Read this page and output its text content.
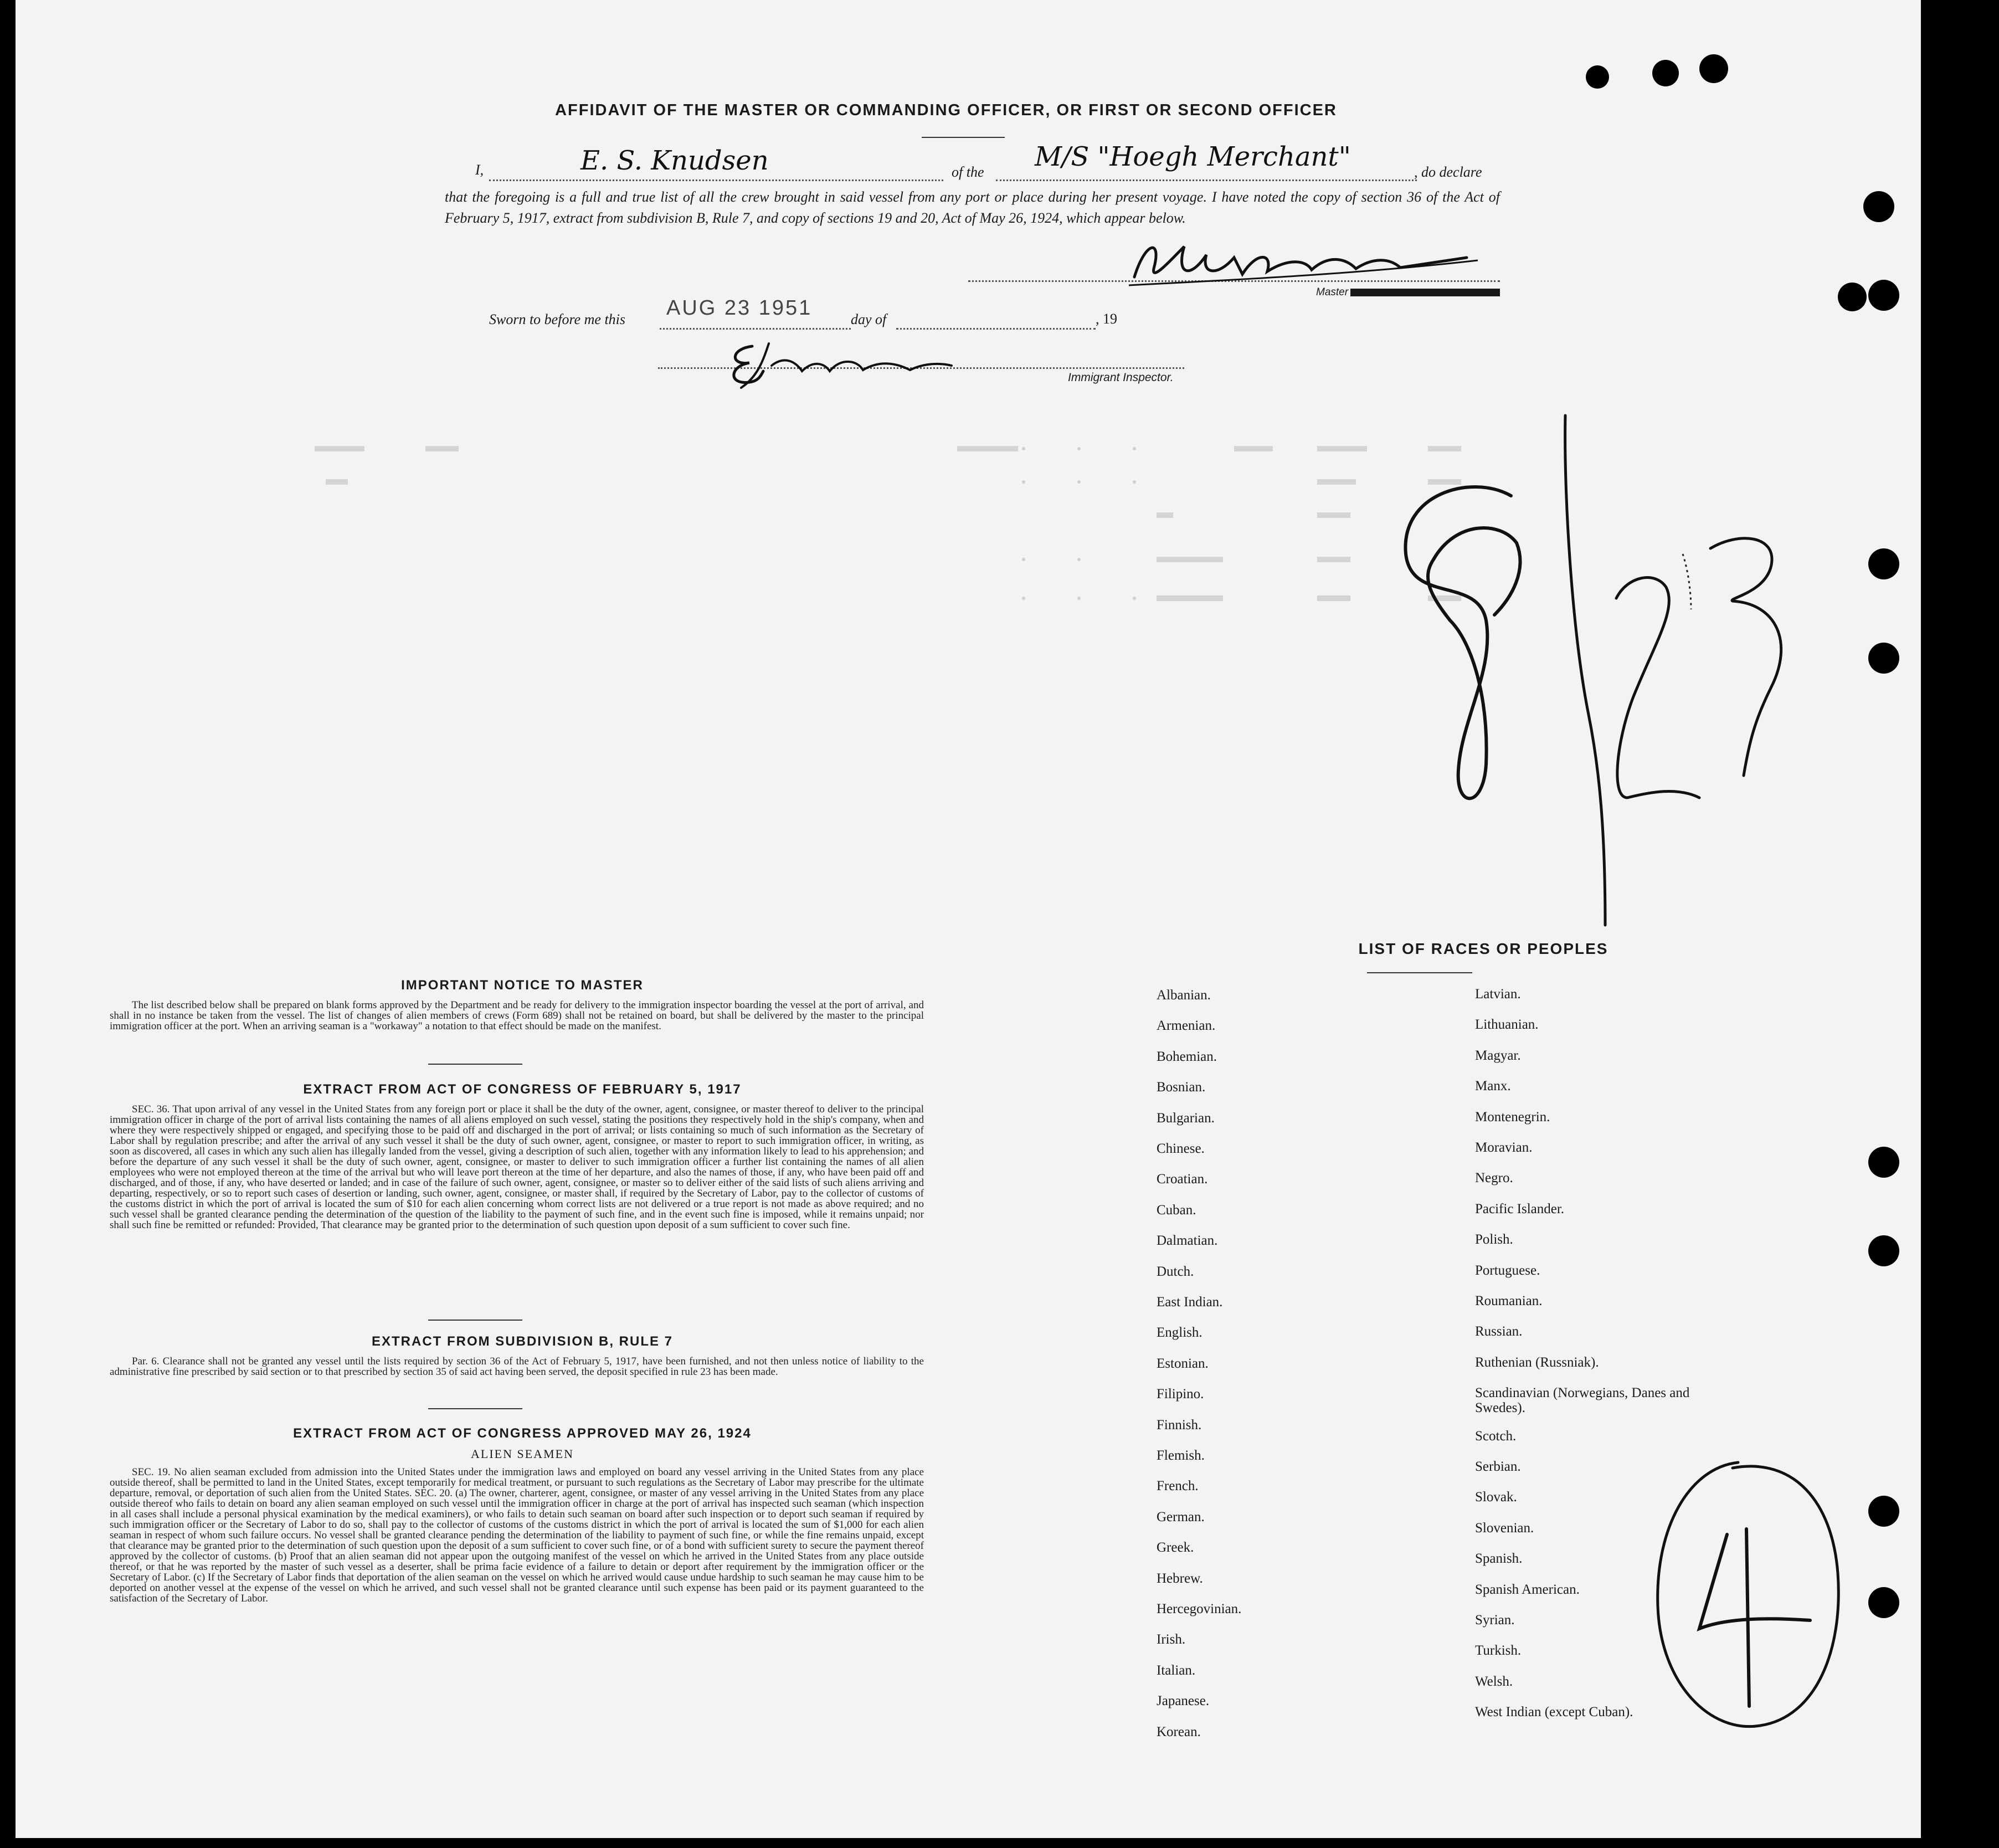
AFFIDAVIT OF THE MASTER OR COMMANDING OFFICER, OR FIRST OR SECOND OFFICER
I,	E. S. Knudsen	of the M/S "Hoegh Merchant"	, do declare
that the foregoing is a full and true list of all the crew brought in said vessel from any port or place during her present voyage. I have noted the copy of section 36 of the Act of February 5, 1917, extract from subdivision B, Rule 7, and copy of sections 19 and 20, Act of May 26, 1924, which appear below.
Master
Sworn to before me this AUG 23 1951	day of	, 19
Immigrant Inspector.
IMPORTANT NOTICE TO MASTER
The list described below shall be prepared on blank forms approved by the Department and be ready for delivery to the immigration inspector boarding the vessel at the port of arrival, and shall in no instance be taken from the vessel. The list of changes of alien members of crews (Form 689) shall not be retained on board, but shall be delivered by the master to the principal immigration officer at the port. When an arriving seaman is a "workaway" a notation to that effect should be made on the manifest.
EXTRACT FROM ACT OF CONGRESS OF FEBRUARY 5, 1917
SEC. 36. That upon arrival of any vessel in the United States from any foreign port or place it shall be the duty of the owner, agent, consignee, or master thereof to deliver to the principal immigration officer in charge of the port of arrival lists containing the names of all aliens employed on such vessel, stating the positions they respectively hold in the ship's company, when and where they were respectively shipped or engaged, and specifying those to be paid off and discharged in the port of arrival; or lists containing so much of such information as the Secretary of Labor shall by regulation prescribe; and after the arrival of any such vessel it shall be the duty of such owner, agent, consignee, or master to report to such immigration officer, in writing, as soon as discovered, all cases in which any such alien has illegally landed from the vessel, giving a description of such alien, together with any information likely to lead to his apprehension; and before the departure of any such vessel it shall be the duty of such owner, agent, consignee, or master to deliver to such immigration officer a further list containing the names of all alien employees who were not employed thereon at the time of the arrival but who will leave port thereon at the time of her departure, and also the names of those, if any, who have been paid off and discharged, and of those, if any, who have deserted or landed; and in case of the failure of such owner, agent, consignee, or master so to deliver either of the said lists of such aliens arriving and departing, respectively, or so to report such cases of desertion or landing, such owner, agent, consignee, or master shall, if required by the Secretary of Labor, pay to the collector of customs of the customs district in which the port of arrival is located the sum of $10 for each alien concerning whom correct lists are not delivered or a true report is not made as above required; and no such vessel shall be granted clearance pending the determination of the question of the liability to the payment of such fine, and in the event such fine is imposed, while it remains unpaid; nor shall such fine be remitted or refunded: Provided, That clearance may be granted prior to the determination of such question upon deposit of a sum sufficient to cover such fine.
EXTRACT FROM SUBDIVISION B, RULE 7
Par. 6. Clearance shall not be granted any vessel until the lists required by section 36 of the Act of February 5, 1917, have been furnished, and not then unless notice of liability to the administrative fine prescribed by said section or to that prescribed by section 35 of said act having been served, the deposit specified in rule 23 has been made.
EXTRACT FROM ACT OF CONGRESS APPROVED MAY 26, 1924
ALIEN SEAMEN
SEC. 19. No alien seaman excluded from admission into the United States under the immigration laws and employed on board any vessel arriving in the United States from any place outside thereof, shall be permitted to land in the United States, except temporarily for medical treatment, or pursuant to such regulations as the Secretary of Labor may prescribe for the ultimate departure, removal, or deportation of such alien from the United States. SEC. 20. (a) The owner, charterer, agent, consignee, or master of any vessel arriving in the United States from any place outside thereof who fails to detain on board any alien seaman employed on such vessel until the immigration officer in charge at the port of arrival has inspected such seaman (which inspection in all cases shall include a personal physical examination by the medical examiners), or who fails to detain such seaman on board after such inspection or to deport such seaman if required by such immigration officer or the Secretary of Labor to do so, shall pay to the collector of customs of the customs district in which the port of arrival is located the sum of $1,000 for each alien seaman in respect of whom such failure occurs. No vessel shall be granted clearance pending the determination of the liability to payment of such fine, or while the fine remains unpaid, except that clearance may be granted prior to the determination of such question upon the deposit of a sum sufficient to cover such fine, or of a bond with sufficient surety to secure the payment thereof approved by the collector of customs. (b) Proof that an alien seaman did not appear upon the outgoing manifest of the vessel on which he arrived in the United States from any place outside thereof, or that he was reported by the master of such vessel as a deserter, shall be prima facie evidence of a failure to detain or deport after requirement by the immigration officer or the Secretary of Labor. (c) If the Secretary of Labor finds that deportation of the alien seaman on the vessel on which he arrived would cause undue hardship to such seaman he may cause him to be deported on another vessel at the expense of the vessel on which he arrived, and such vessel shall not be granted clearance until such expense has been paid or its payment guaranteed to the satisfaction of the Secretary of Labor.
LIST OF RACES OR PEOPLES
Albanian.
Armenian.
Bohemian.
Bosnian.
Bulgarian.
Chinese.
Croatian.
Cuban.
Dalmatian.
Dutch.
East Indian.
English.
Estonian.
Filipino.
Finnish.
Flemish.
French.
German.
Greek.
Hebrew.
Hercegovinian.
Irish.
Italian.
Japanese.
Korean.
Latvian.
Lithuanian.
Magyar.
Manx.
Montenegrin.
Moravian.
Negro.
Pacific Islander.
Polish.
Portuguese.
Roumanian.
Russian.
Ruthenian (Russniak).
Scandinavian (Norwegians, Danes and Swedes).
Scotch.
Serbian.
Slovak.
Slovenian.
Spanish.
Spanish American.
Syrian.
Turkish.
Welsh.
West Indian (except Cuban).
